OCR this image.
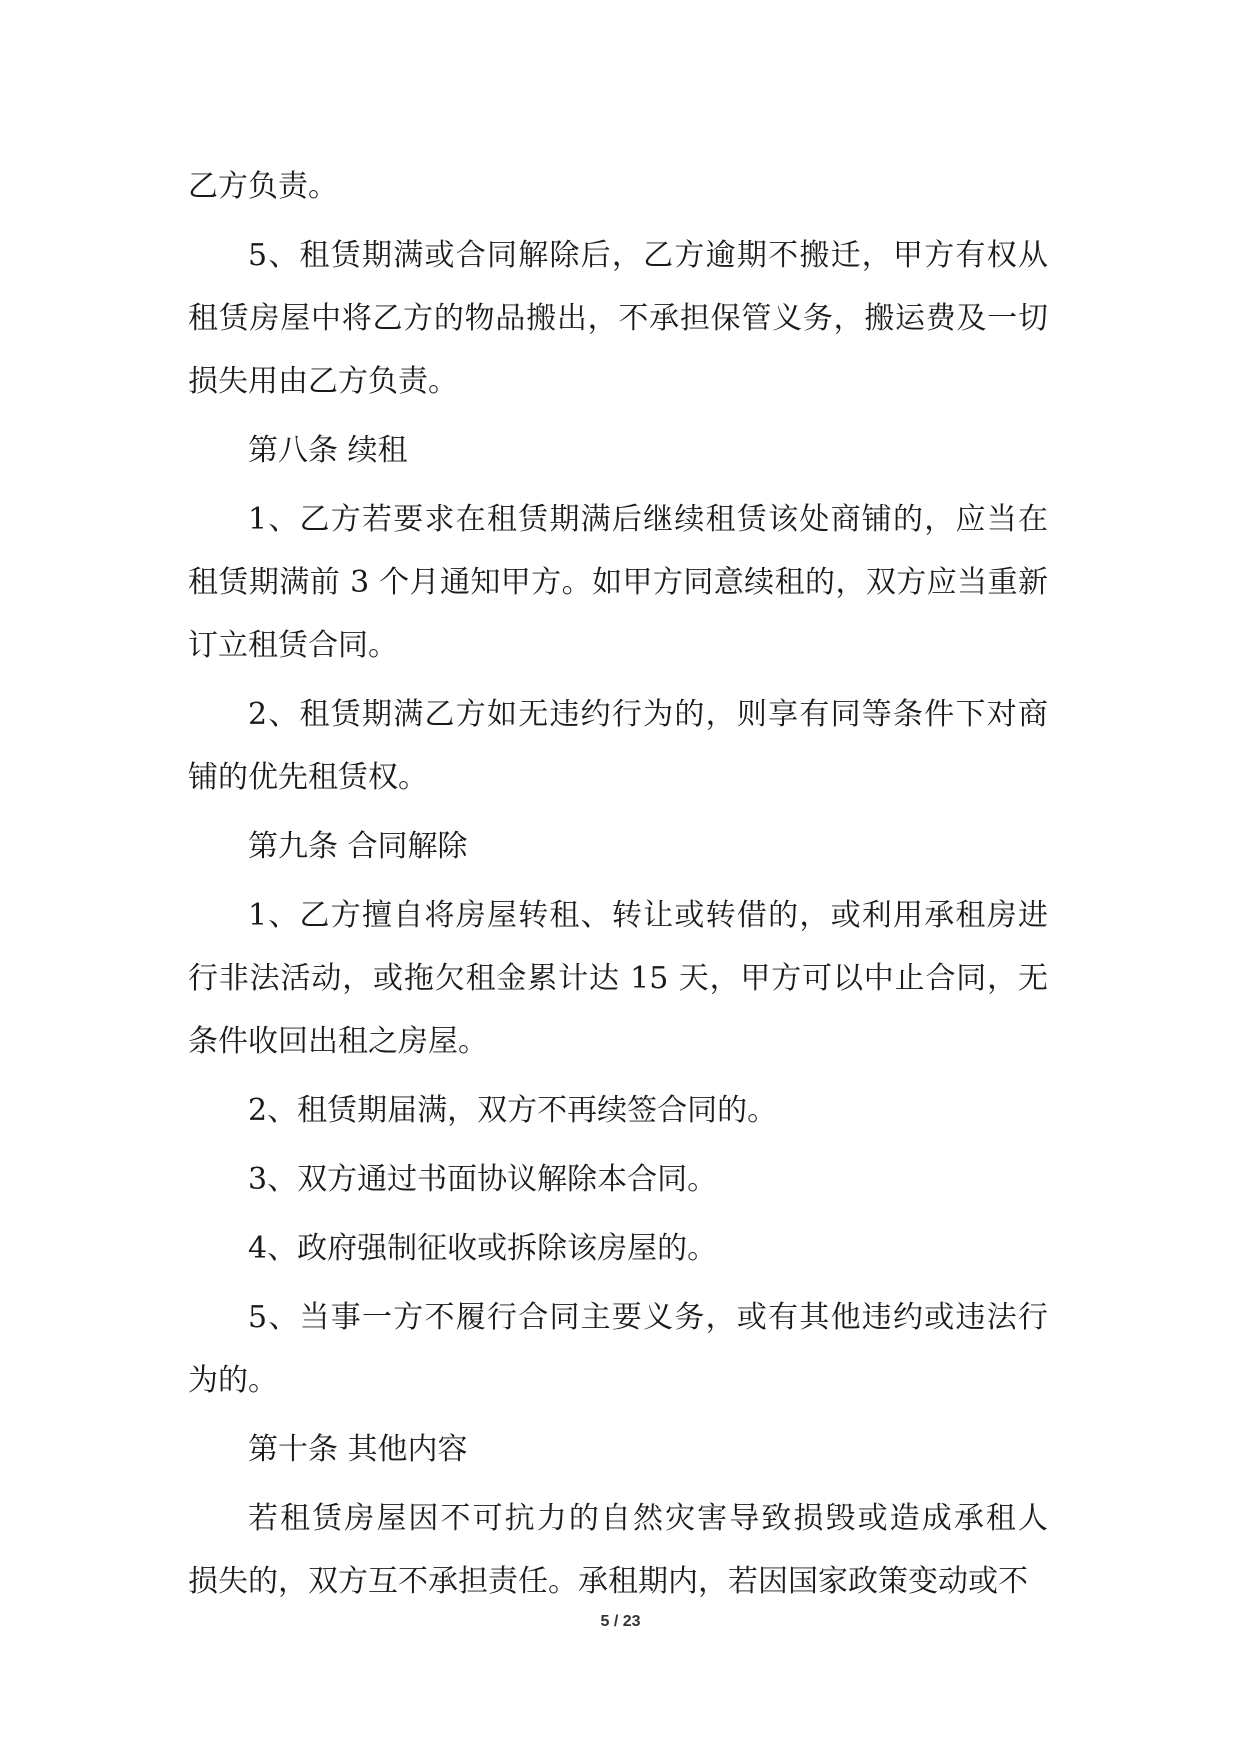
乙方负责。
5、租赁期满或合同解除后，乙方逾期不搬迁，甲方有权从
租赁房屋中将乙方的物品搬出，不承担保管义务，搬运费及一切
损失用由乙方负责。
第八条 续租
1、乙方若要求在租赁期满后继续租赁该处商铺的，应当在
租赁期满前 3 个月通知甲方。如甲方同意续租的，双方应当重新
订立租赁合同。
2、租赁期满乙方如无违约行为的，则享有同等条件下对商
铺的优先租赁权。
第九条 合同解除
1、乙方擅自将房屋转租、转让或转借的，或利用承租房进
行非法活动，或拖欠租金累计达 15 天，甲方可以中止合同，无
条件收回出租之房屋。
2、租赁期届满，双方不再续签合同的。
3、双方通过书面协议解除本合同。
4、政府强制征收或拆除该房屋的。
5、当事一方不履行合同主要义务，或有其他违约或违法行
为的。
第十条 其他内容
若租赁房屋因不可抗力的自然灾害导致损毁或造成承租人
损失的，双方互不承担责任。承租期内，若因国家政策变动或不
5 / 23
